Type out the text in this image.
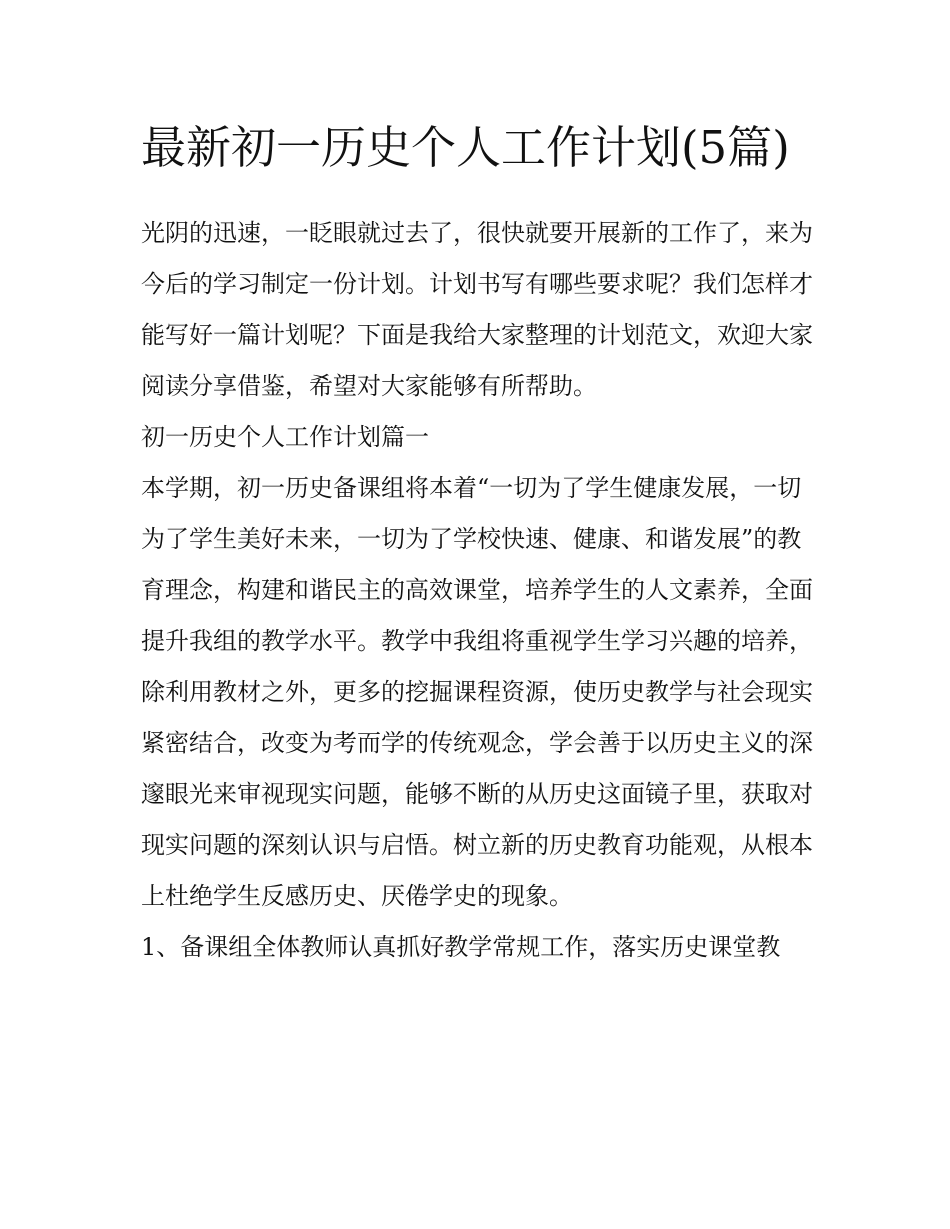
最新初一历史个人工作计划(5篇)

光阴的迅速，一眨眼就过去了，很快就要开展新的工作了，来为今后的学习制定一份计划。计划书写有哪些要求呢？我们怎样才能写好一篇计划呢？下面是我给大家整理的计划范文，欢迎大家阅读分享借鉴，希望对大家能够有所帮助。

初一历史个人工作计划篇一

本学期，初一历史备课组将本着“一切为了学生健康发展，一切为了学生美好未来，一切为了学校快速、健康、和谐发展”的教育理念，构建和谐民主的高效课堂，培养学生的人文素养，全面提升我组的教学水平。教学中我组将重视学生学习兴趣的培养，除利用教材之外，更多的挖掘课程资源，使历史教学与社会现实紧密结合，改变为考而学的传统观念，学会善于以历史主义的深邃眼光来审视现实问题，能够不断的从历史这面镜子里，获取对现实问题的深刻认识与启悟。树立新的历史教育功能观，从根本上杜绝学生反感历史、厌倦学史的现象。

1、备课组全体教师认真抓好教学常规工作，落实历史课堂教
